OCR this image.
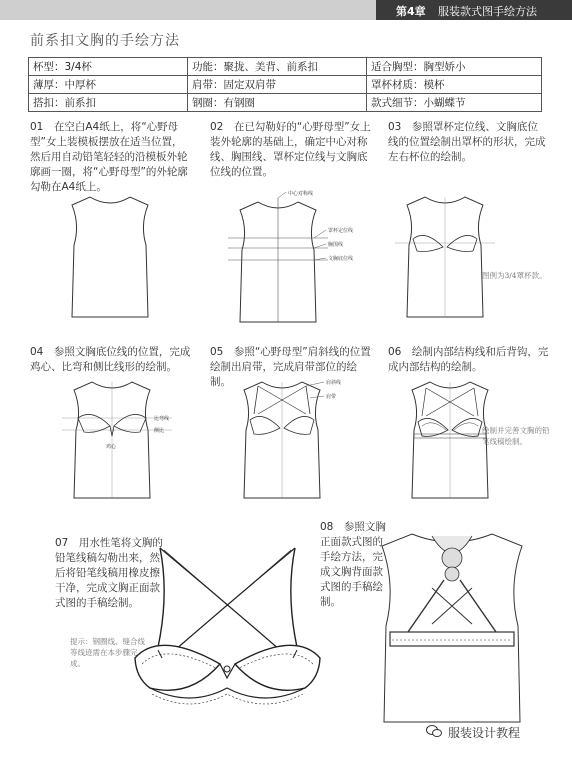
第4章 服装款式图手绘方法
前系扣文胸的手绘方法
杯型：3/4杯	功能：聚拢、美背、前系扣	适合胸型：胸型娇小
薄厚：中厚杯	肩带：固定双肩带	罩杯材质：模杯
搭扣：前系扣	钢圈：有钢圈	款式细节：小蝴蝶节
01　在空白A4纸上，将“心野母型”女上装模板摆放在适当位置，然后用自动铅笔轻轻的沿模板外轮廓画一圈，将“心野母型”的外轮廓勾勒在A4纸上。
02　在已勾勒好的“心野母型”女上装外轮廓的基础上，确定中心对称线、胸围线、罩杯定位线与文胸底位线的位置。
03　参照罩杯定位线、文胸底位线的位置绘制出罩杯的形状，完成左右杯位的绘制。
04　参照文胸底位线的位置，完成鸡心、比弯和侧比线形的绘制。
05　参照“心野母型”肩斜线的位置绘制出肩带，完成肩带部位的绘制。
06　绘制内部结构线和后背钩，完成内部结构的绘制。
07　用水性笔将文胸的铅笔线稿勾勒出来，然后将铅笔线稿用橡皮擦干净，完成文胸正面款式图的手稿绘制。
08　参照文胸正面款式图的手绘方法，完成文胸背面款式图的手稿绘制。
图例为3/4罩杯款。
绘制并完善文胸的铅笔线稿绘制。
提示：钢圈线、缝合线等线迹需在本步骤完成。
中心对称线
罩杯定位线
胸围线
文胸底位线
比弯线
侧比
鸡心
肩斜线
肩带
服装设计教程
